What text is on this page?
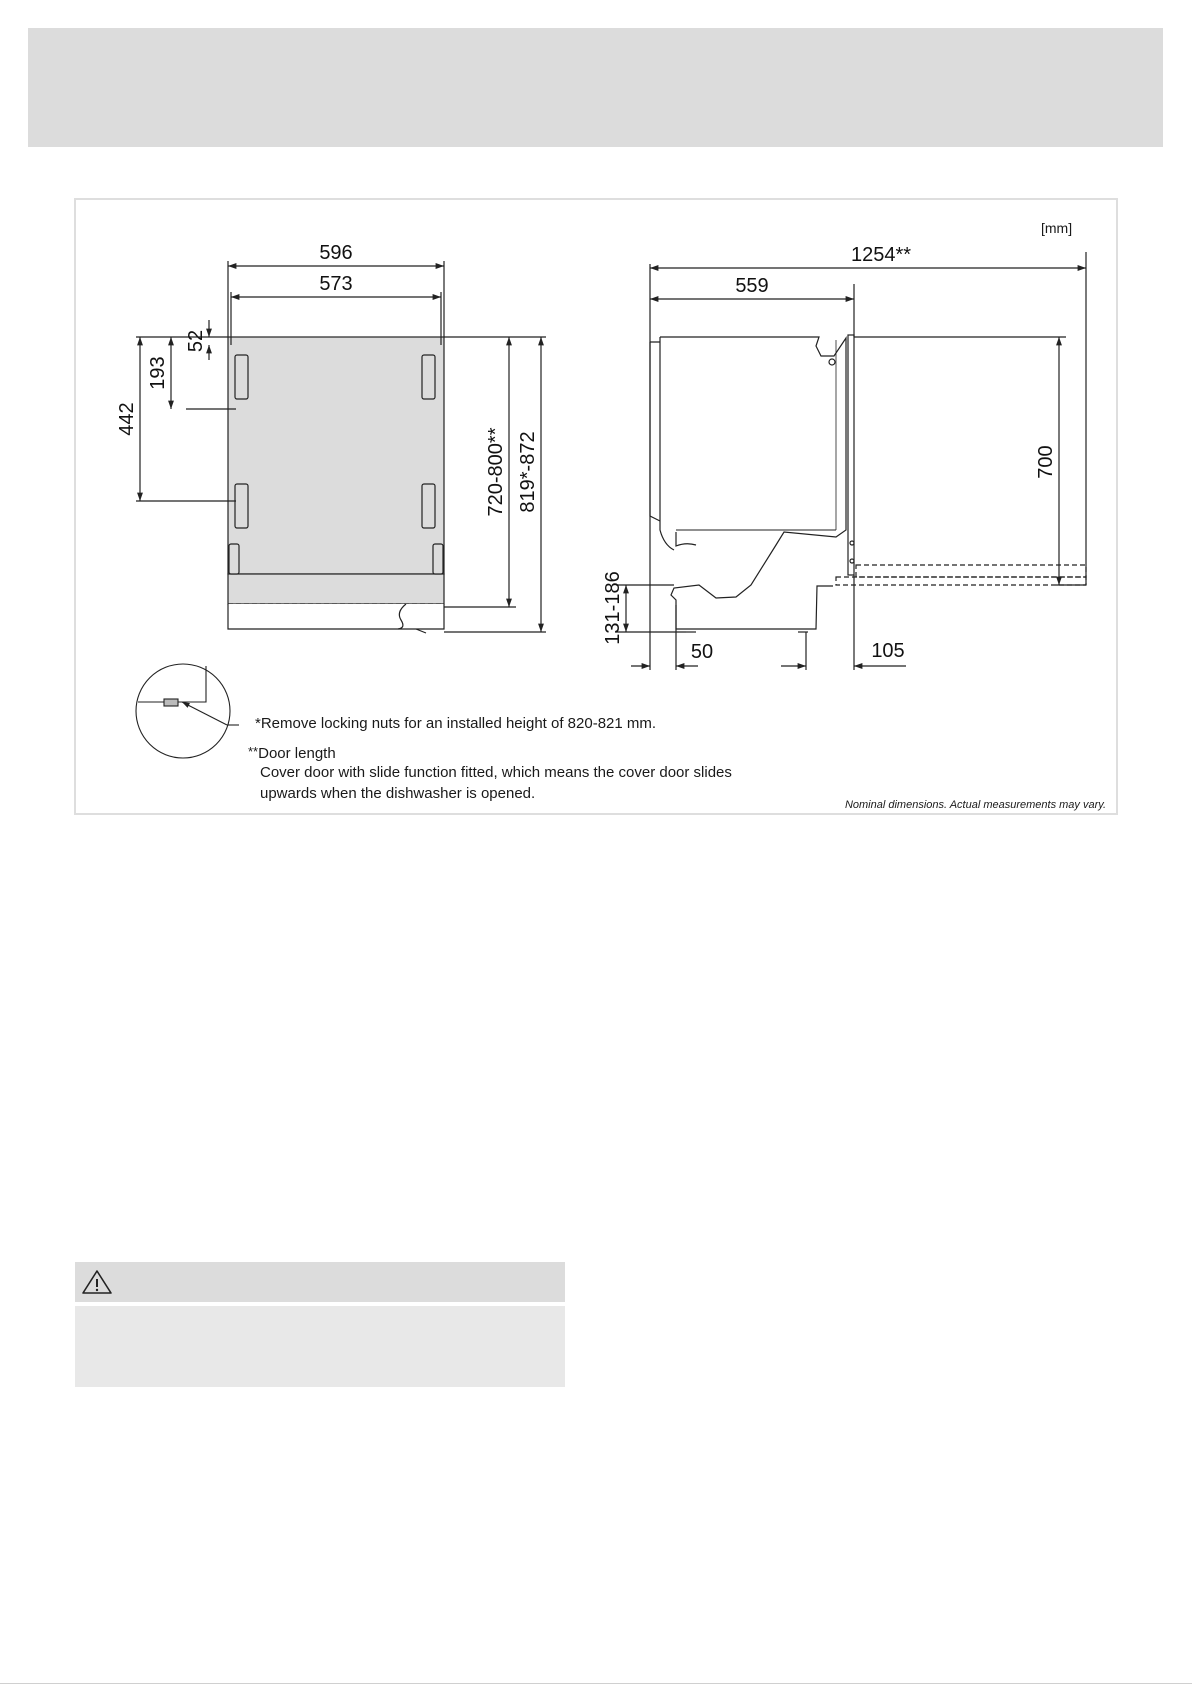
596
573
52
193
442
720-800** 819*-872
1254**
559
700
131-186
50	105
[mm]
*Remove locking nuts for an installed height of 820-821 mm.
**Door length
Cover door with slide function fitted, which means the cover door slides upwards when the dishwasher is opened.
Nominal dimensions. Actual measurements may vary.
